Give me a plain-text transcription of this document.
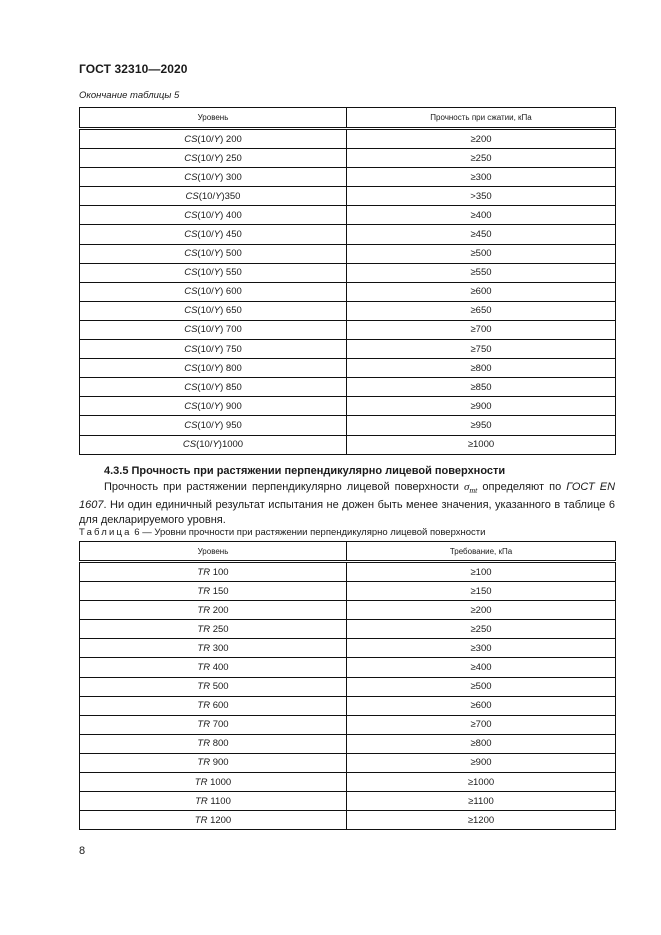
ГОСТ 32310—2020
Окончание таблицы 5
Уровень	Прочность при сжатии, кПа
CS(10/Y) 200	≥200
CS(10/Y) 250	≥250
CS(10/Y) 300	≥300
CS(10/Y)350	>350
CS(10/Y) 400	≥400
CS(10/Y) 450	≥450
CS(10/Y) 500	≥500
CS(10/Y) 550	≥550
CS(10/Y) 600	≥600
CS(10/Y) 650	≥650
CS(10/Y) 700	≥700
CS(10/Y) 750	≥750
CS(10/Y) 800	≥800
CS(10/Y) 850	≥850
CS(10/Y) 900	≥900
CS(10/Y) 950	≥950
CS(10/Y)1000	≥1000
4.3.5 Прочность при растяжении перпендикулярно лицевой поверхности
Прочность при растяжении перпендикулярно лицевой поверхности $\sigma_{mt}$ определяют по ГОСТ EN 1607. Ни один единичный результат испытания не дожен быть менее значения, указанного в таблице 6 для декларируемого уровня.
Таблица 6 — Уровни прочности при растяжении перпендикулярно лицевой поверхности
Уровень	Требование, кПа
TR 100	≥100
TR 150	≥150
TR 200	≥200
TR 250	≥250
TR 300	≥300
TR 400	≥400
TR 500	≥500
TR 600	≥600
TR 700	≥700
TR 800	≥800
TR 900	≥900
TR 1000	≥1000
TR 1100	≥1100
TR 1200	≥1200
8
